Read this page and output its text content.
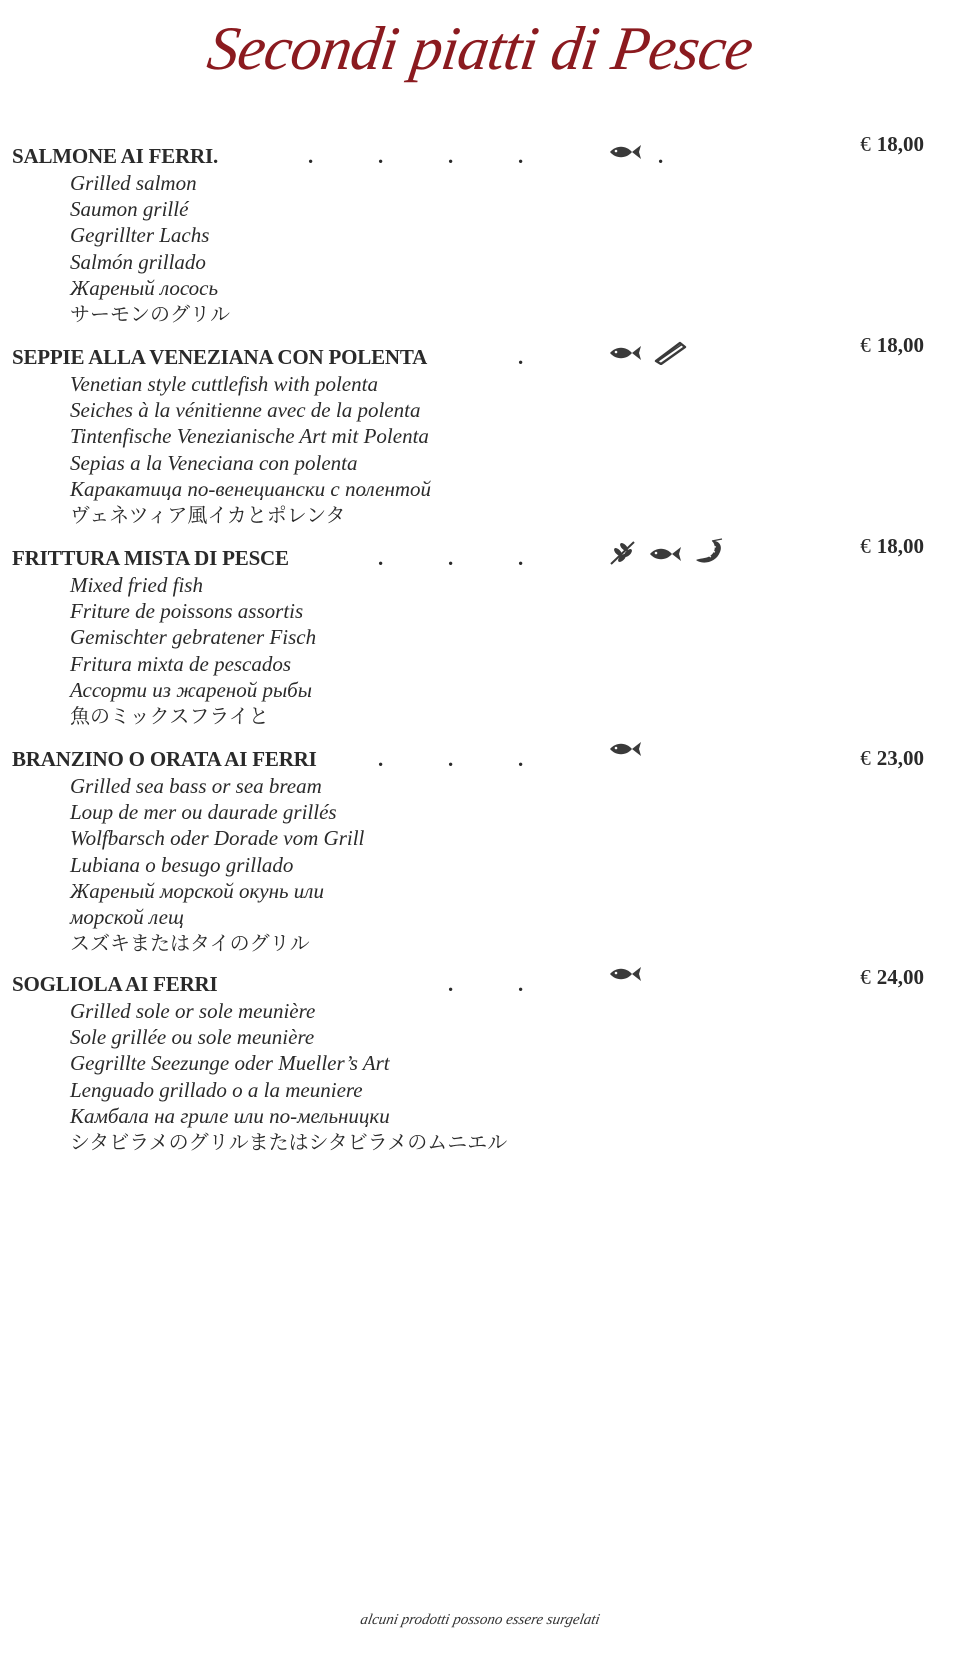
Secondi piatti di Pesce
SALMONE AI FERRI.	.	.	.	.	.	€ 18,00
Grilled salmon
Saumon grillé
Gegrillter Lachs
Salmón grillado
Жареный лосось
サーモンのグリル
SEPPIE ALLA VENEZIANA CON POLENTA	.	€ 18,00
Venetian style cuttlefish with polenta
Seiches à la vénitienne avec de la polenta
Tintenfische Venezianische Art mit Polenta
Sepias a la Veneciana con polenta
Каракатица по-венециански с полентой
ヴェネツィア風イカとポレンタ
FRITTURA MISTA DI PESCE	.	.	.	€ 18,00
Mixed fried fish
Friture de poissons assortis
Gemischter gebratener Fisch
Fritura mixta de pescados
Ассорти из жареной рыбы
魚のミックスフライと
BRANZINO O ORATA AI FERRI	.	.	.	€ 23,00
Grilled sea bass or sea bream
Loup de mer ou daurade grillés
Wolfbarsch oder Dorade vom Grill
Lubiana o besugo grillado
Жареный морской окунь или
морской лещ
スズキまたはタイのグリル
SOGLIOLA AI FERRI	.	.	€ 24,00
Grilled sole or sole meunière
Sole grillée ou sole meunière
Gegrillte Seezunge oder Mueller’s Art
Lenguado grillado o a la meuniere
Камбала на гриле или по-мельницки
シタビラメのグリルまたはシタビラメのムニエル
alcuni prodotti possono essere surgelati
